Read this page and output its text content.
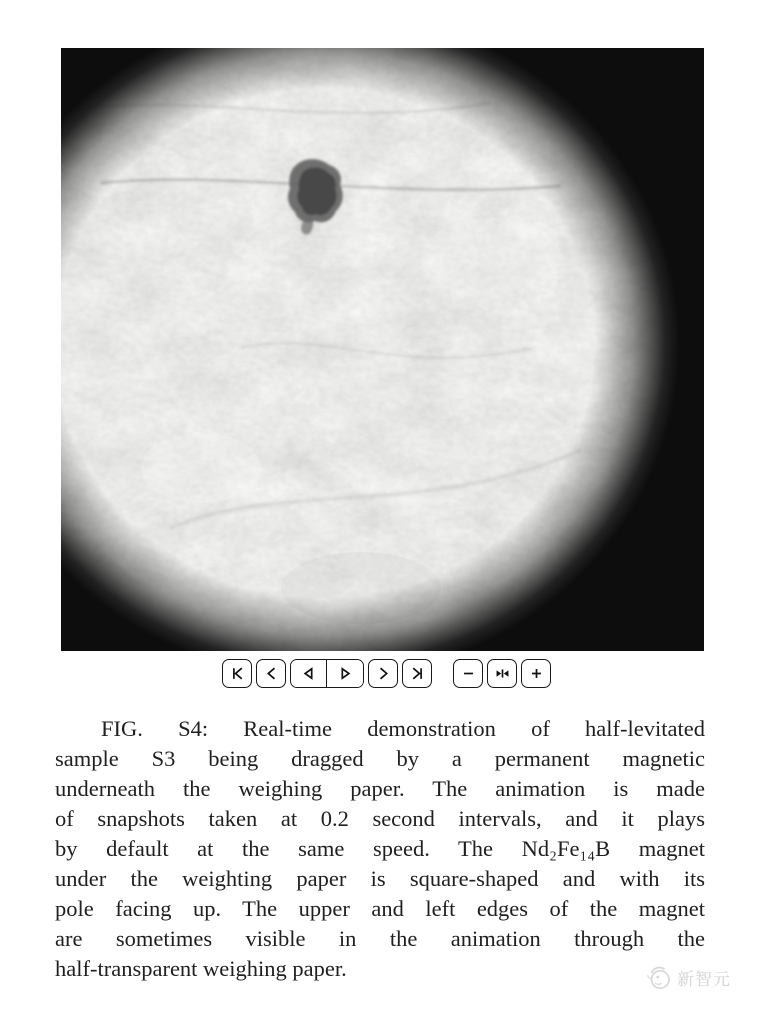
FIG. S4: Real-time demonstration of half-levitated
sample S3 being dragged by a permanent magnetic
underneath the weighing paper. The animation is made
of snapshots taken at 0.2 second intervals, and it plays
by default at the same speed. The Nd₂Fe₁₄B magnet
under the weighting paper is square-shaped and with its
pole facing up. The upper and left edges of the magnet
are sometimes visible in the animation through the
half-transparent weighing paper.	新智元
